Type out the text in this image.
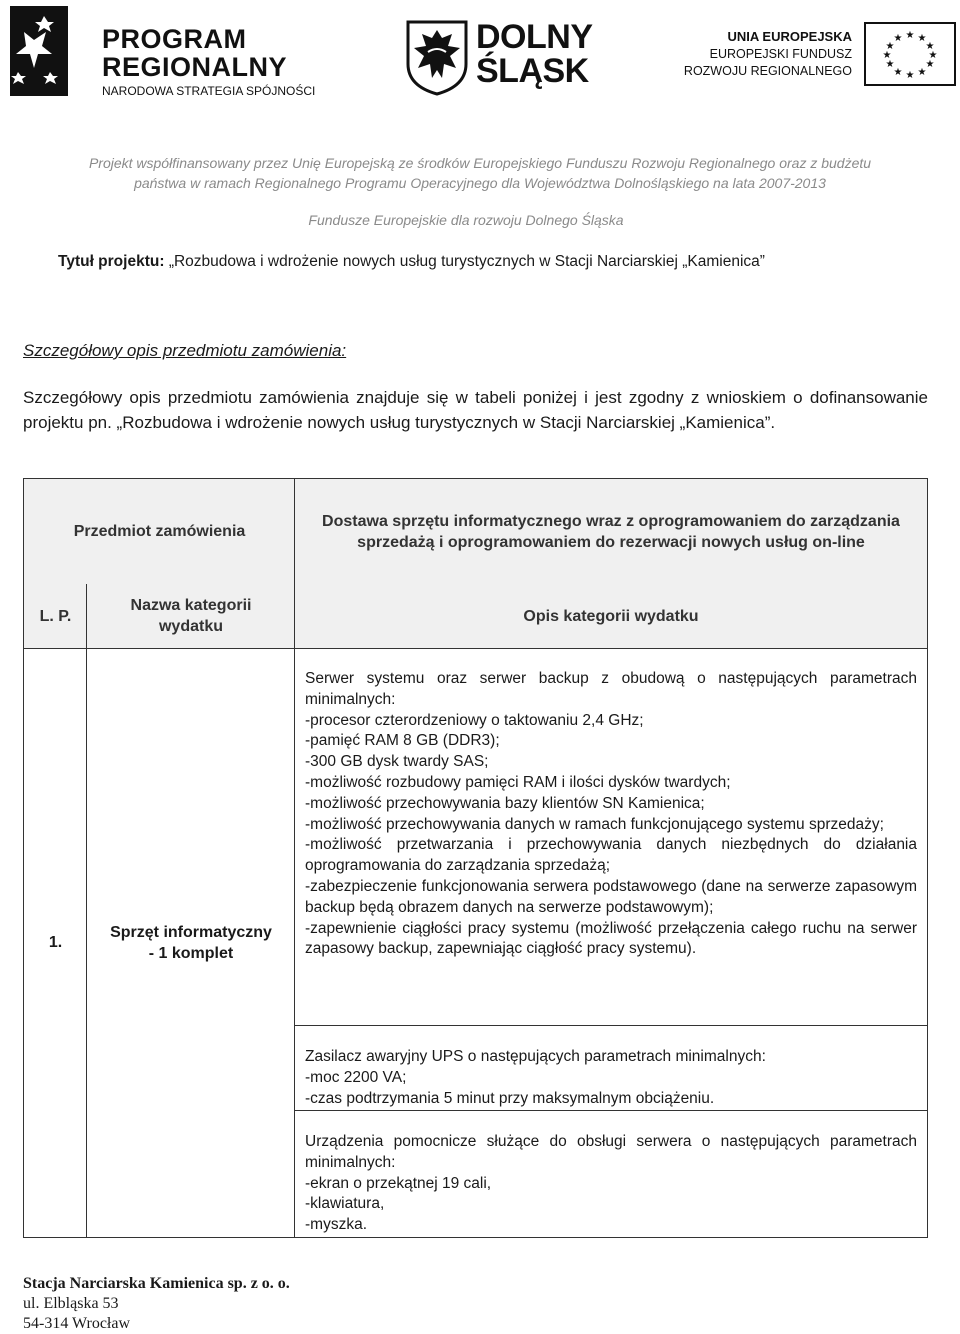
PROGRAM
REGIONALNY
NARODOWA STRATEGIA SPÓJNOŚCI
DOLNY
ŚLĄSK
UNIA EUROPEJSKA
EUROPEJSKI FUNDUSZ
ROZWOJU REGIONALNEGO
★ ★
★
★
★
★
★
★
★
★
★
★
Projekt współfinansowany przez Unię Europejską ze środków Europejskiego Funduszu Rozwoju Regionalnego oraz z budżetu
państwa w ramach Regionalnego Programu Operacyjnego dla Województwa Dolnośląskiego na lata 2007-2013
Fundusze Europejskie dla rozwoju Dolnego Śląska
Tytuł projektu: „Rozbudowa i wdrożenie nowych usług turystycznych w Stacji Narciarskiej „Kamienica”
Szczegółowy opis przedmiotu zamówienia:
Szczegółowy opis przedmiotu zamówienia znajduje się w tabeli poniżej i jest zgodny z wnioskiem o dofinansowanie projektu pn. „Rozbudowa i wdrożenie nowych usług turystycznych w Stacji Narciarskiej „Kamienica”.
Przedmiot zamówienia
Dostawa sprzętu informatycznego wraz z oprogramowaniem do zarządzania sprzedażą i oprogramowaniem do rezerwacji nowych usług on-line
L. P.
Nazwa kategorii wydatku
Opis kategorii wydatku
1.
Sprzęt informatyczny
- 1 komplet
Serwer systemu oraz serwer backup z obudową o następujących parametrach minimalnych:
-procesor czterordzeniowy o taktowaniu 2,4 GHz;
-pamięć RAM 8 GB (DDR3);
-300 GB dysk twardy SAS;
-możliwość rozbudowy pamięci RAM i ilości dysków twardych;
-możliwość przechowywania bazy klientów SN Kamienica;
-możliwość przechowywania danych w ramach funkcjonującego systemu sprzedaży;
-możliwość przetwarzania i przechowywania danych niezbędnych do działania oprogramowania do zarządzania sprzedażą;
-zabezpieczenie funkcjonowania serwera podstawowego (dane na serwerze zapasowym backup będą obrazem danych na serwerze podstawowym);
-zapewnienie ciągłości pracy systemu (możliwość przełączenia całego ruchu na serwer zapasowy backup, zapewniając ciągłość pracy systemu).
Zasilacz awaryjny UPS o następujących parametrach minimalnych:
-moc 2200 VA;
-czas podtrzymania 5 minut przy maksymalnym obciążeniu.
Urządzenia pomocnicze służące do obsługi serwera o następujących parametrach minimalnych:
-ekran o przekątnej 19 cali,
-klawiatura,
-myszka.
Stacja Narciarska Kamienica sp. z o. o.
ul. Elbląska 53
54-314 Wrocław
